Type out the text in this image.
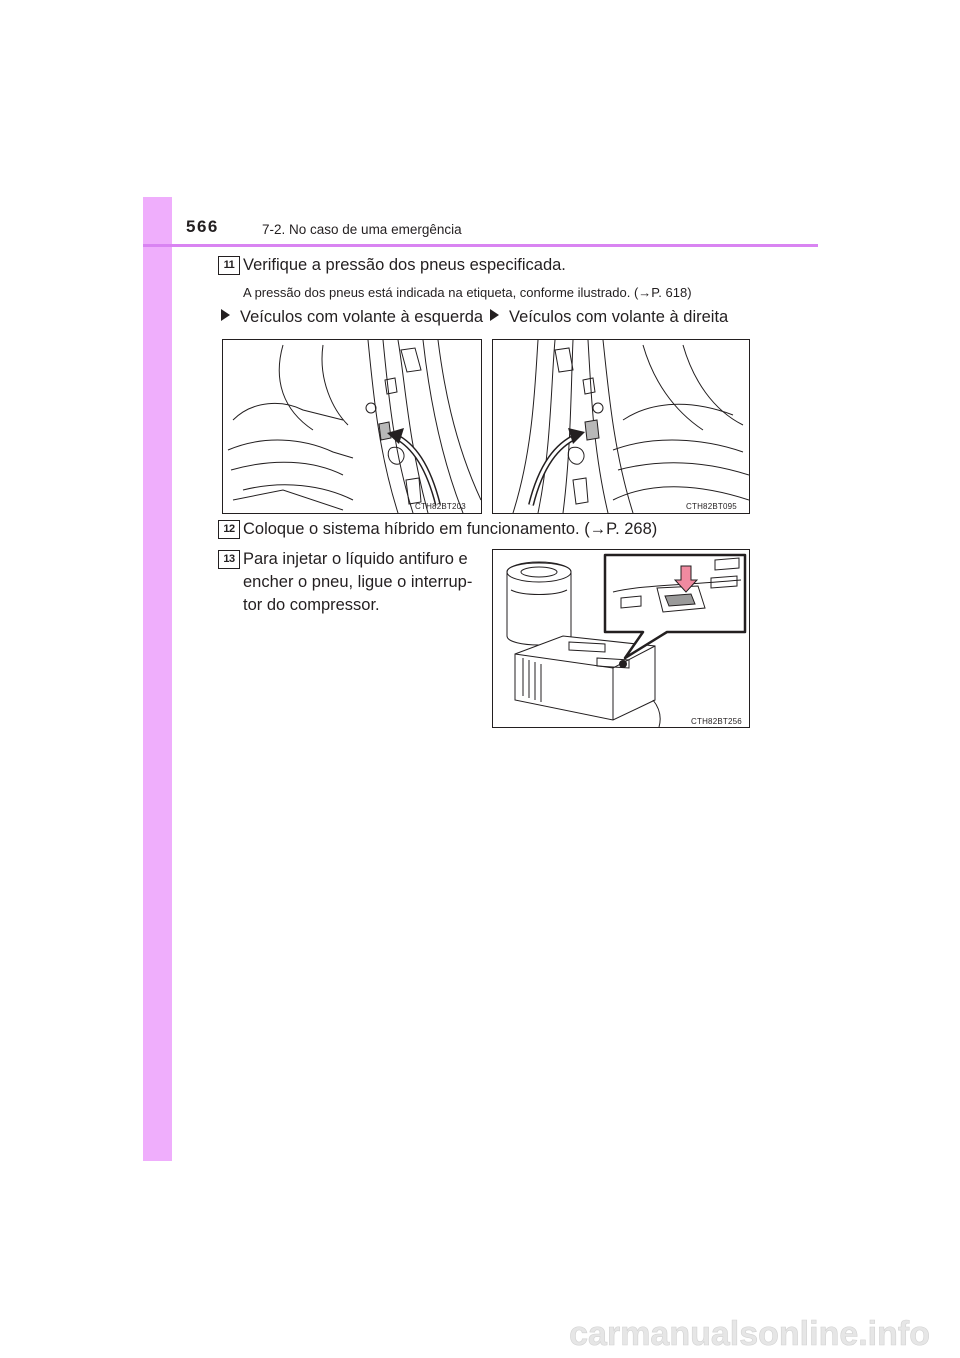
566	7-2. No caso de uma emergência
11 Verifique a pressão dos pneus especificada.
A pressão dos pneus está indicada na etiqueta, conforme ilustrado. (→P. 618)
Veículos com volante à esquerda	Veículos com volante à direita
CTH82BT203	CTH82BT095
12 Coloque o sistema híbrido em funcionamento. (→P. 268)
13 Para injetar o líquido antifuro e
encher o pneu, ligue o interrup-
tor do compressor.
CTH82BT256
carmanualsonline.info
